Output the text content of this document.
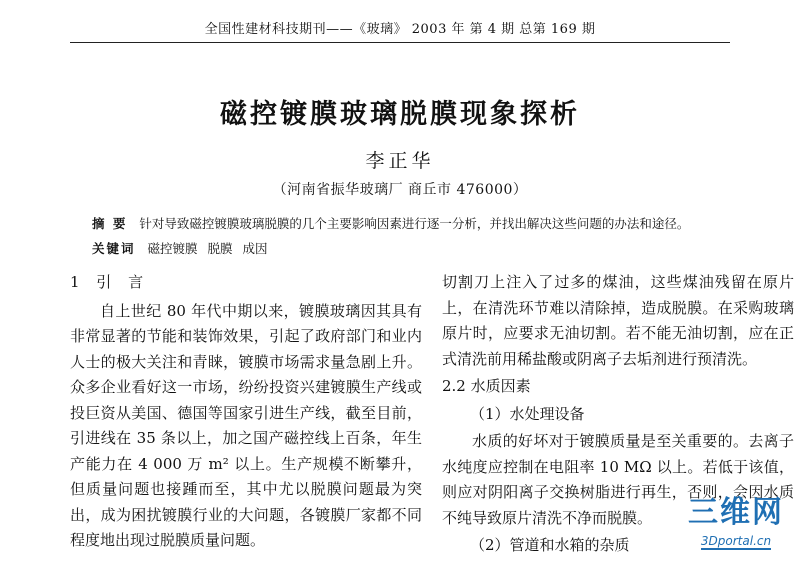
全国性建材科技期刊——《玻璃》 2003 年 第 4 期 总第 169 期
磁控镀膜玻璃脱膜现象探析
李正华
（河南省振华玻璃厂 商丘市 476000）
摘 要 针对导致磁控镀膜玻璃脱膜的几个主要影响因素进行逐一分析，并找出解决这些问题的办法和途径。
关键词 磁控镀膜 脱膜 成因
1 引 言

自上世纪 80 年代中期以来，镀膜玻璃因其具有非常显著的节能和装饰效果，引起了政府部门和业内人士的极大关注和青睐，镀膜市场需求量急剧上升。众多企业看好这一市场，纷纷投资兴建镀膜生产线或投巨资从美国、德国等国家引进生产线，截至目前，引进线在 35 条以上，加之国产磁控线上百条，年生产能力在 4 000 万 m² 以上。生产规模不断攀升，但质量问题也接踵而至，其中尤以脱膜问题最为突出，成为困扰镀膜行业的大问题，各镀膜厂家都不同程度地出现过脱膜质量问题。

切割刀上注入了过多的煤油，这些煤油残留在原片上，在清洗环节难以清除掉，造成脱膜。在采购玻璃原片时，应要求无油切割。若不能无油切割，应在正式清洗前用稀盐酸或阴离子去垢剂进行预清洗。

2.2 水质因素
（1）水处理设备

水质的好坏对于镀膜质量是至关重要的。去离子水纯度应控制在电阻率 10 MΩ 以上。若低于该值，则应对阴阳离子交换树脂进行再生，否则，会因水质不纯导致原片清洗不净而脱膜。

（2）管道和水箱的杂质
三维网
3Dportal.cn
